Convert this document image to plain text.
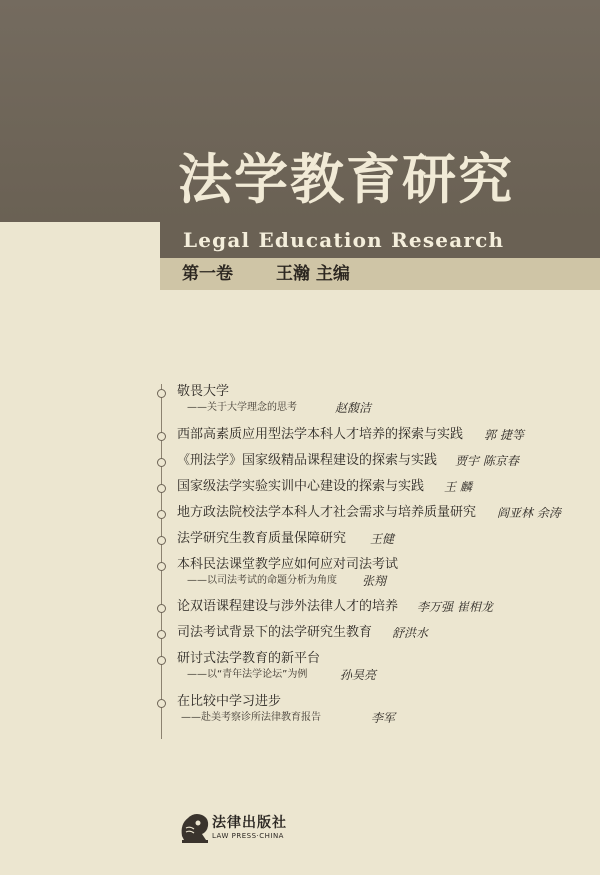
法学教育研究
Legal Education Research
第一卷	王瀚 主编
敬畏大学
——关于大学理念的思考	赵馥洁
西部高素质应用型法学本科人才培养的探索与实践 郭 捷等
《刑法学》国家级精品课程建设的探索与实践 贾宇 陈京春
国家级法学实验实训中心建设的探索与实践 王 麟
地方政法院校法学本科人才社会需求与培养质量研究 阎亚林 余涛
法学研究生教育质量保障研究 王健
本科民法课堂教学应如何应对司法考试
——以司法考试的命题分析为角度 张翔
论双语课程建设与涉外法律人才的培养 李万强 崔相龙
司法考试背景下的法学研究生教育 舒洪水
研讨式法学教育的新平台
——以“青年法学论坛”为例	孙昊亮
在比较中学习进步
——赴美考察诊所法律教育报告	李军
法律出版社
LAW PRESS·CHINA
